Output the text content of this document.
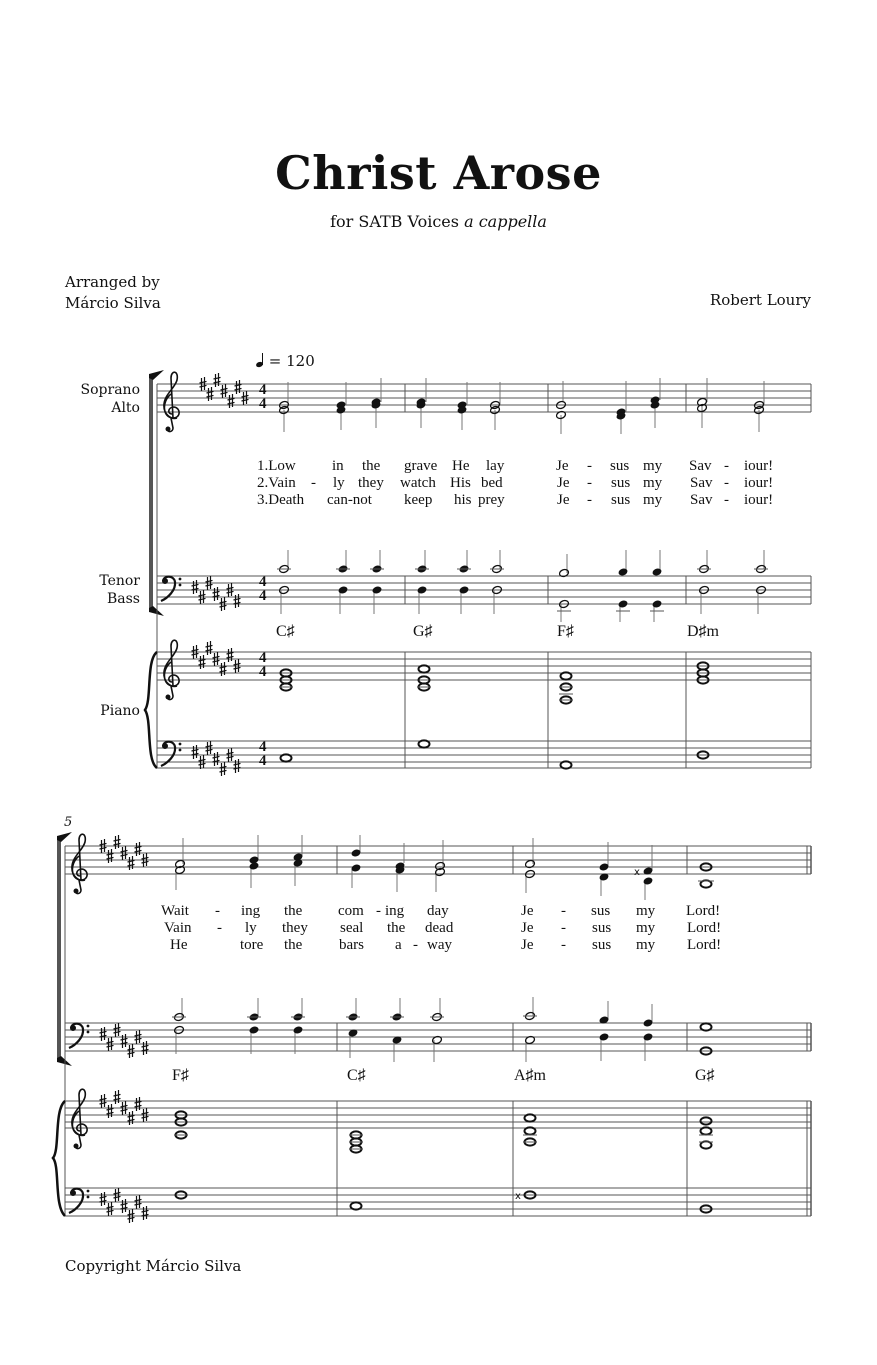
Christ Arose
for SATB Voices a cappella
Arranged by
Márcio Silva	Robert Loury
= 120
Soprano
Alto
Tenor
Bass
Piano
5
4
4
x
x
1.Low in the grave He lay	Je - sus my Sav - iour!
2.Vain - ly they watch His bed	Je - sus my Sav - iour!
3.Death can-not keep his prey	Je - sus my Sav - iour!
Wait - ing the com - ing day	Je - sus my Lord!
Vain - ly they seal the dead	Je - sus my Lord!
He	tore the bars a - way	Je - sus my Lord!
C♯	G♯	F♯	D♯m
F♯	C♯	A♯m	G♯
Copyright Márcio Silva
